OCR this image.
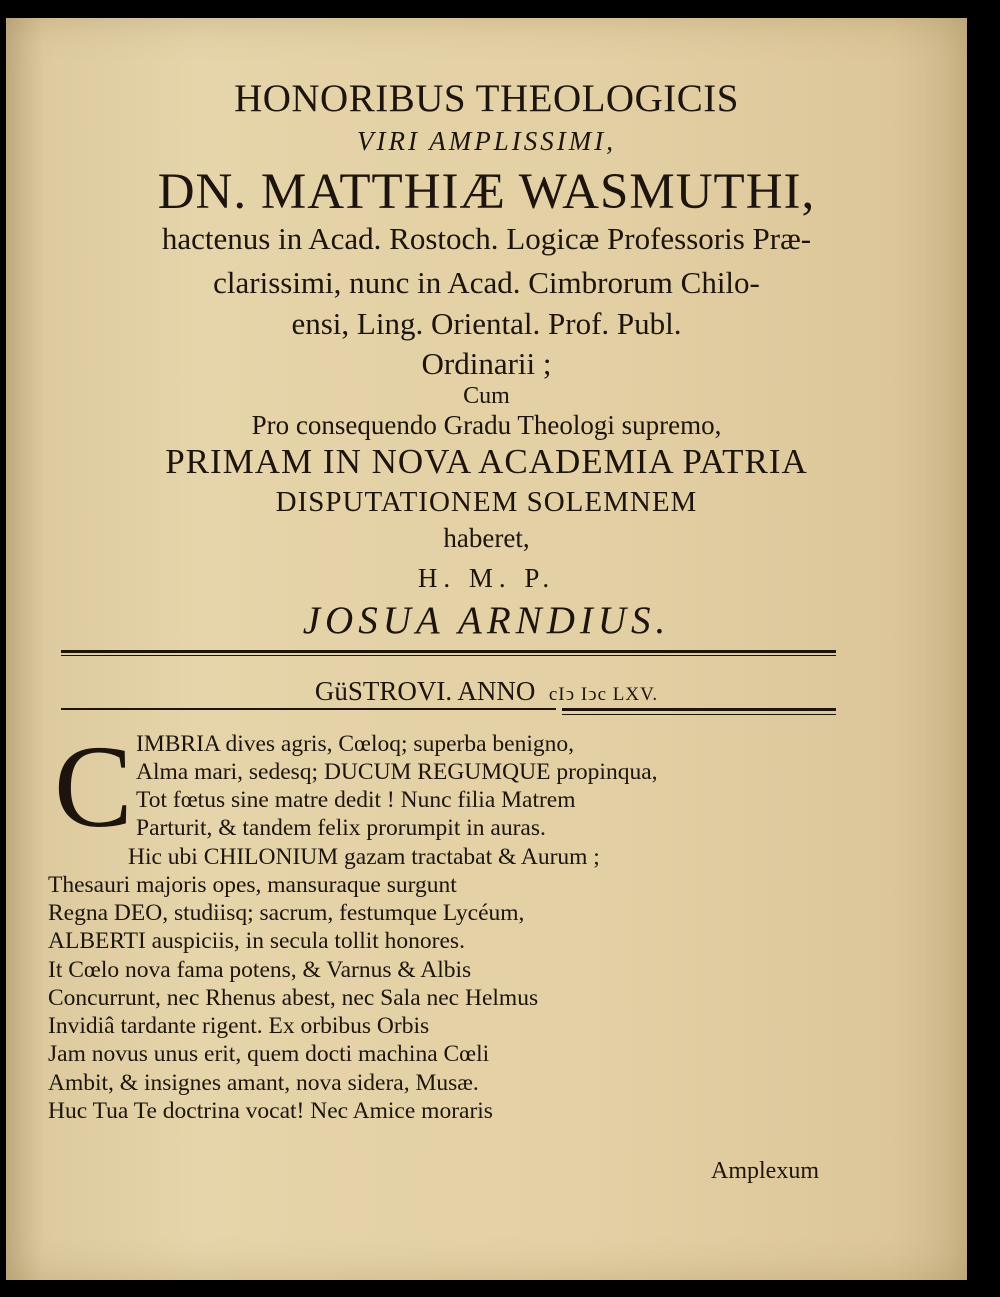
HONORIBUS THEOLOGICIS
VIRI AMPLISSIMI,
DN. MATTHIÆ WASMUTHI,
hactenus in Acad. Rostoch. Logicæ Professoris Præ-
clarissimi, nunc in Acad. Cimbrorum Chilo-
ensi, Ling. Oriental. Prof. Publ.
Ordinarii ;
Cum
Pro consequendo Gradu Theologi supremo,
PRIMAM IN NOVA ACADEMIA PATRIA
DISPUTATIONEM SOLEMNEM
haberet,
H. M. P.
JOSUA ARNDIUS.
GüSTROVI. ANNO cIↄ Iↄc LXV.
C IMBRIA dives agris, Cœloq; superba benigno,
Alma mari, sedesq; DUCUM REGUMQUE propinqua,
Tot fœtus sine matre dedit ! Nunc filia Matrem
Parturit, & tandem felix prorumpit in auras.
Hic ubi CHILONIUM gazam tractabat & Aurum ;
Thesauri majoris opes, mansuraque surgunt
Regna DEO, studiisq; sacrum, festumque Lycéum,
ALBERTI auspiciis, in secula tollit honores.
It Cœlo nova fama potens, & Varnus & Albis
Concurrunt, nec Rhenus abest, nec Sala nec Helmus
Invidiâ tardante rigent. Ex orbibus Orbis
Jam novus unus erit, quem docti machina Cœli
Ambit, & insignes amant, nova sidera, Musæ.
Huc Tua Te doctrina vocat! Nec Amice moraris
Amplexum
